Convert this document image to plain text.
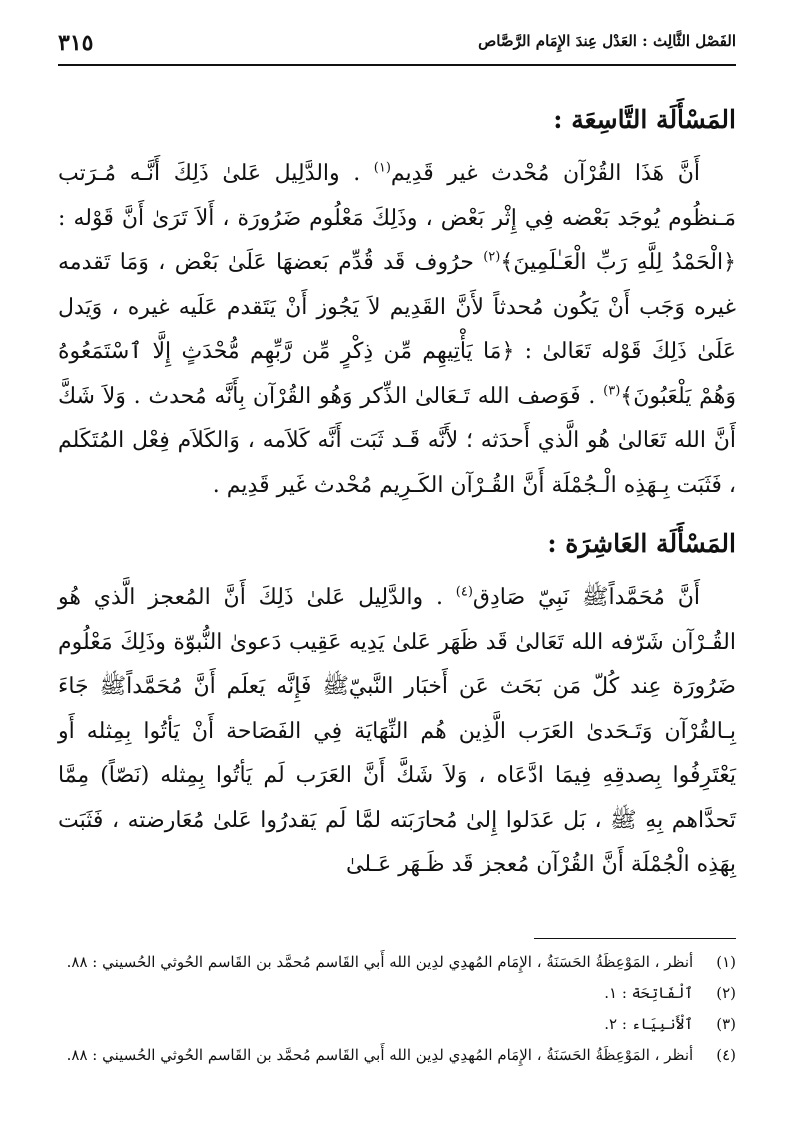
الفَصْل الثَّالِث : العَدْل عِندَ الإِمَام الرَّصَّاص
٣١٥
المَسْأَلَة التَّاسِعَة :

أَنَّ هَذَا القُرْآن مُحْدث غير قَدِيم$^{(١)}$ . والدَّلِيل عَلىٰ ذَلِكَ أَنَّـه مُـرَتب مَـنظُوم يُوجَد بَعْضه فِي إِثْر بَعْض ، وذَلِكَ مَعْلُوم ضَرُورَة ، أَلاَ تَرَىٰ أَنَّ قَوْله : ﴿الْحَمْدُ لِلَّهِ رَبِّ الْعَـٰلَمِينَ﴾$^{(٢)}$ حرُوف قَد قُدِّم بَعضهَا عَلَىٰ بَعْض ، وَمَا تَقدمه غيره وَجَب أَنْ يَكُون مُحدثاً لأَنَّ القَدِيم لاَ يَجُوز أَنْ يَتَقدم عَلَيه غيره ، وَيَدل عَلَىٰ ذَلِكَ قَوْله تَعَالىٰ : ﴿مَا يَأْتِيهِم مِّن ذِكْرٍ مِّن رَّبِّهِم مُّحْدَثٍ إِلَّا ٱسْتَمَعُوهُ وَهُمْ يَلْعَبُونَ﴾$^{(٣)}$ . فَوَصف الله تَـعَالىٰ الذِّكر وَهُو القُرْآن بِأَنَّه مُحدث . وَلاَ شَكَّ أَنَّ الله تَعَالىٰ هُو الَّذي أَحدَثه ؛ لأَنَّه قَـد ثَبَت أَنَّه كَلاَمه ، وَالكَلاَم فِعْل المُتَكَلم ، فَثَبَت بِـهَذِه الْـجُمْلَة أَنَّ القُـرْآن الكَـرِيم مُحْدث غَير قَدِيم .

المَسْأَلَة العَاشِرَة :

أَنَّ مُحَمَّداًﷺ نَبِيّ صَادِق$^{(٤)}$ . والدَّلِيل عَلىٰ ذَلِكَ أَنَّ المُعجز الَّذي هُو القُـرْآن شَرّفه الله تَعَالىٰ قَد ظَهَر عَلىٰ يَدِيه عَقِيب دَعوىٰ النُّبوّة وذَلِكَ مَعْلُوم ضَرُورَة عِند كُلّ مَن بَحَث عَن أَخبَار النَّبيّﷺ فَإِنَّه يَعلَم أَنَّ مُحَمَّداًﷺ جَاءَ بِـالقُرْآن وَتَـحَدىٰ العَرَب الَّذِين هُم النِّهَايَة فِي الفَصَاحة أَنْ يَأتُوا بِمِثله أَو يَعْتَرِفُوا بِصدقِهِ فِيمَا ادَّعَاه ، وَلاَ شَكَّ أَنَّ العَرَب لَم يَأتُوا بِمِثله (نَصّاً) مِمَّا تَحدَّاهم بِهِ ﷺ ، بَل عَدَلوا إِلىٰ مُحارَبَته لمَّا لَم يَقدرُوا عَلىٰ مُعَارضته ، فَثَبَت بِهَذِه الْجُمْلَة أَنَّ القُرْآن مُعجز قَد ظَـهَر عَـلىٰ

(١) أنظر ، المَوْعِظَةُ الحَسَنَةُ ، الإِمَام المُهدِي لدِين الله أَبي القَاسم مُحمَّد بن القَاسم الحُوثي الحُسيني : ٨٨.
(٢) ٱلْفَاتِحَة : ١.
(٣) ٱلْأَنبِيَاء : ٢.
(٤) أنظر ، المَوْعِظَةُ الحَسَنَةُ ، الإِمَام المُهدِي لدِين الله أَبي القَاسم مُحمَّد بن القَاسم الحُوثي الحُسيني : ٨٨.
